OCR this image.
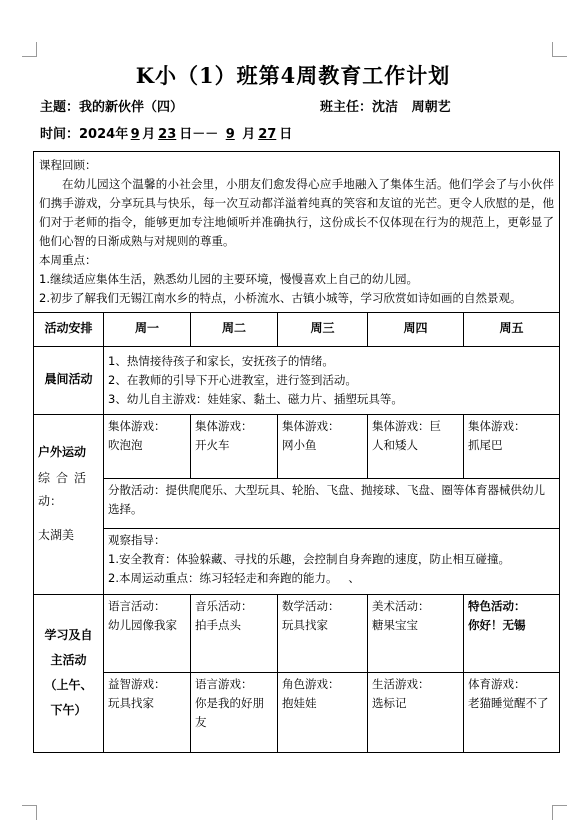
K小（1）班第4周教育工作计划
主题：我的新伙伴（四）	班主任：沈洁   周朝艺
时间：2024年 9 月 23 日－－ 9 月 27 日

课程回顾：

在幼儿园这个温馨的小社会里，小朋友们愈发得心应手地融入了集体生活。他们学会了与小伙伴们携手游戏，分享玩具与快乐，每一次互动都洋溢着纯真的笑容和友谊的光芒。更令人欣慰的是，他们对于老师的指令，能够更加专注地倾听并准确执行，这份成长不仅体现在行为的规范上，更彰显了他们心智的日渐成熟与对规则的尊重。

本周重点：

1.继续适应集体生活，熟悉幼儿园的主要环境，慢慢喜欢上自己的幼儿园。

2.初步了解我们无锡江南水乡的特点，小桥流水、古镇小城等，学习欣赏如诗如画的自然景观。					

活动安排	周一	周二	周三	周四	周五
晨间活动	1、热情接待孩子和家长，安抚孩子的情绪。
2、在教师的引导下开心进教室，进行签到活动。
3、幼儿自主游戏：娃娃家、黏土、磁力片、插塑玩具等。				

户外运动
综合活
动：
太湖美	集体游戏：
吹泡泡	集体游戏：
开火车	集体游戏：
网小鱼	集体游戏：巨
人和矮人	集体游戏：
抓尾巴
	分散活动：提供爬爬乐、大型玩具、轮胎、飞盘、抛接球、飞盘、圈等体育器械供幼儿选择。				

	观察指导：
1.安全教育：体验躲藏、寻找的乐趣，会控制自身奔跑的速度，防止相互碰撞。
2.本周运动重点：练习轻轻走和奔跑的能力。   、				

学习及自
主活动
（上午、
下午）	语言活动：
幼儿园像我家	音乐活动：
拍手点头	数学活动：
玩具找家	美术活动：
糖果宝宝	特色活动：
你好！无锡

	益智游戏：
玩具找家	语言游戏：
你是我的好朋友	角色游戏：
抱娃娃	生活游戏：
选标记	体育游戏：
老猫睡觉醒不了
